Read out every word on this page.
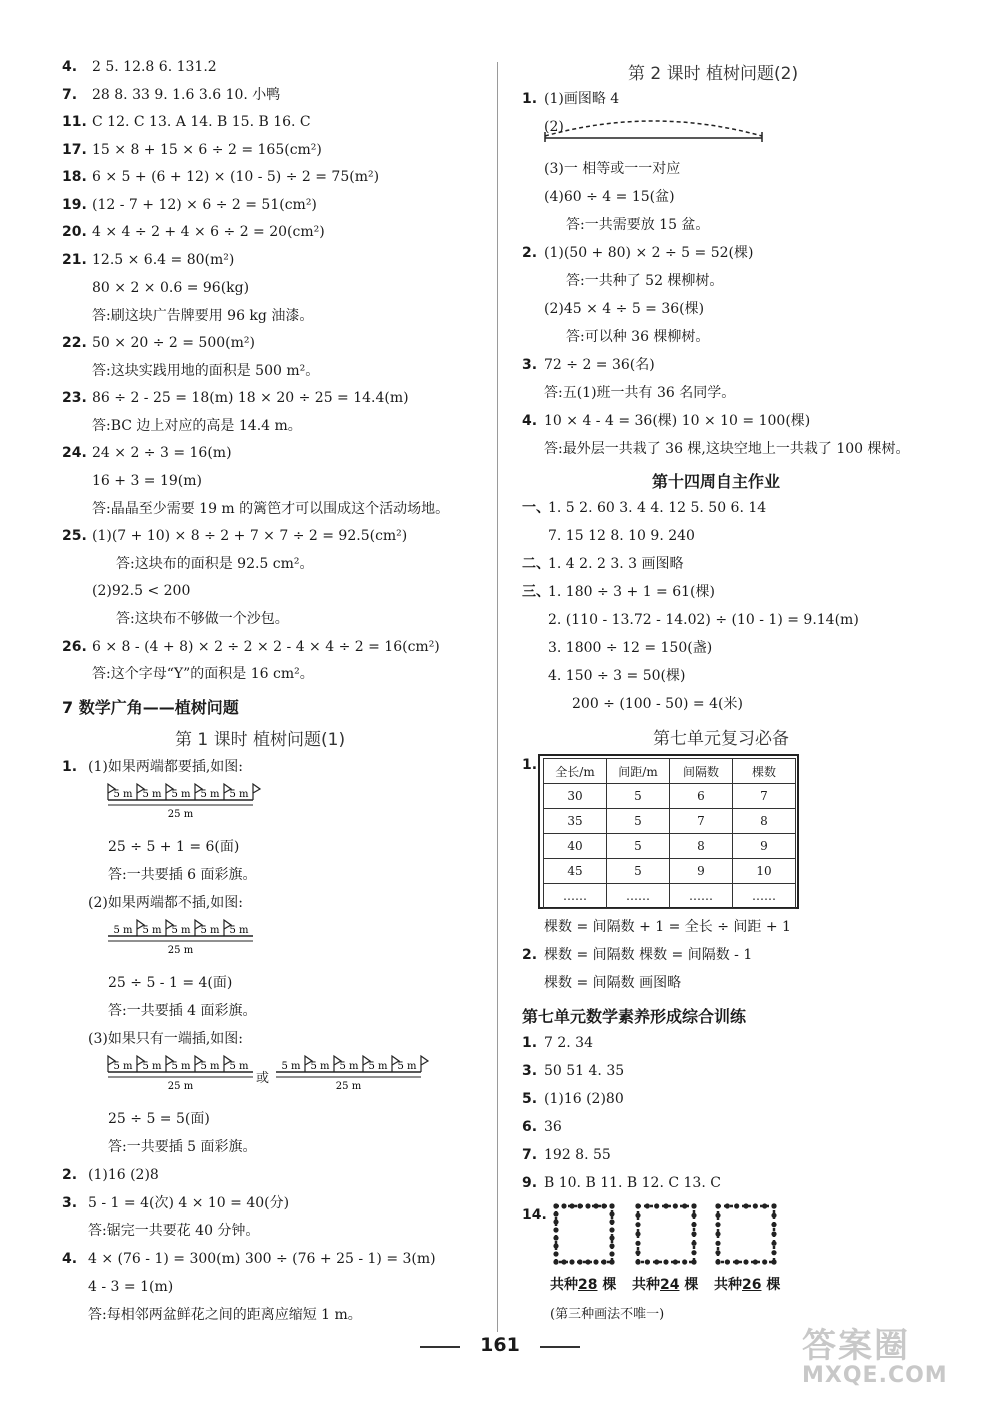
7 数学广角——植树问题
第 1 课时 植树问题(1)
1. (1)如果两端都要插,如图:
5 m 5 m 5 m 5 m 5 m
25 m
25 ÷ 5 + 1 = 6(面)
答:一共要插 6 面彩旗。
(2)如果两端都不插,如图:
5 m 5 m 5 m 5 m 5 m
25 m
25 ÷ 5 - 1 = 4(面)
答:一共要插 4 面彩旗。
(3)如果只有一端插,如图:
5 m 5 m 5 m 5 m 5 m
25 m
或
5 m 5 m 5 m 5 m 5 m
25 m
25 ÷ 5 = 5(面)
答:一共要插 5 面彩旗。
2. (1)16 (2)8
3. 5 - 1 = 4(次) 4 × 10 = 40(分)
答:锯完一共要花 40 分钟。
4. 4 × (76 - 1) = 300(m) 300 ÷ (76 + 25 - 1) = 3(m)
4 - 3 = 1(m)
答:每相邻两盆鲜花之间的距离应缩短 1 m。
第 2 课时 植树问题(2)
第十四周自主作业
第七单元复习必备
1. 全长/m	间距/m	间隔数	棵数
30	5	6	7
35	5	7	8
40	5	8	9
45	5	9	10
……	……	……	……
第七单元数学素养形成综合训练
14.
共种28 棵 共种24 棵 共种26 棵
(第三种画法不唯一)
161	答案圈
MXQE.COM
4. 2 5. 12.8 6. 131.2
7. 28 8. 33 9. 1.6 3.6 10. 小鸭
11. C 12. C 13. A 14. B 15. B 16. C
17. 15 × 8 + 15 × 6 ÷ 2 = 165(cm²)
18. 6 × 5 + (6 + 12) × (10 - 5) ÷ 2 = 75(m²)
19. (12 - 7 + 12) × 6 ÷ 2 = 51(cm²)
20. 4 × 4 ÷ 2 + 4 × 6 ÷ 2 = 20(cm²)
21. 12.5 × 6.4 = 80(m²)
80 × 2 × 0.6 = 96(kg)
答:刷这块广告牌要用 96 kg 油漆。
22. 50 × 20 ÷ 2 = 500(m²)
答:这块实践用地的面积是 500 m²。
23. 86 ÷ 2 - 25 = 18(m) 18 × 20 ÷ 25 = 14.4(m)
答:BC 边上对应的高是 14.4 m。
24. 24 × 2 ÷ 3 = 16(m)
16 + 3 = 19(m)
答:晶晶至少需要 19 m 的篱笆才可以围成这个活动场地。
25. (1)(7 + 10) × 8 ÷ 2 + 7 × 7 ÷ 2 = 92.5(cm²)
答:这块布的面积是 92.5 cm²。
(2)92.5 < 200
答:这块布不够做一个沙包。
26. 6 × 8 - (4 + 8) × 2 ÷ 2 × 2 - 4 × 4 ÷ 2 = 16(cm²)
答:这个字母“Y”的面积是 16 cm²。
1. (1)画图略 4
(2)
(3)一 相等或一一对应
(4)60 ÷ 4 = 15(盆)
答:一共需要放 15 盆。
2. (1)(50 + 80) × 2 ÷ 5 = 52(棵)
答:一共种了 52 棵柳树。
(2)45 × 4 ÷ 5 = 36(棵)
答:可以种 36 棵柳树。
3. 72 ÷ 2 = 36(名)
答:五(1)班一共有 36 名同学。
4. 10 × 4 - 4 = 36(棵) 10 × 10 = 100(棵)
答:最外层一共栽了 36 棵,这块空地上一共栽了 100 棵树。
一、
1. 5 2. 60 3. 4 4. 12 5. 50 6. 14
7. 15 12 8. 10 9. 240
二、
1. 4 2. 2 3. 3 画图略
三、
1. 180 ÷ 3 + 1 = 61(棵)
2. (110 - 13.72 - 14.02) ÷ (10 - 1) = 9.14(m)
3. 1800 ÷ 12 = 150(盏)
4. 150 ÷ 3 = 50(棵)
200 ÷ (100 - 50) = 4(米)
棵数 = 间隔数 + 1 = 全长 ÷ 间距 + 1
2. 棵数 = 间隔数 棵数 = 间隔数 - 1
棵数 = 间隔数 画图略
1. 7 2. 34
3. 50 51 4. 35
5. (1)16 (2)80
6. 36
7. 192 8. 55
9. B 10. B 11. B 12. C 13. C
